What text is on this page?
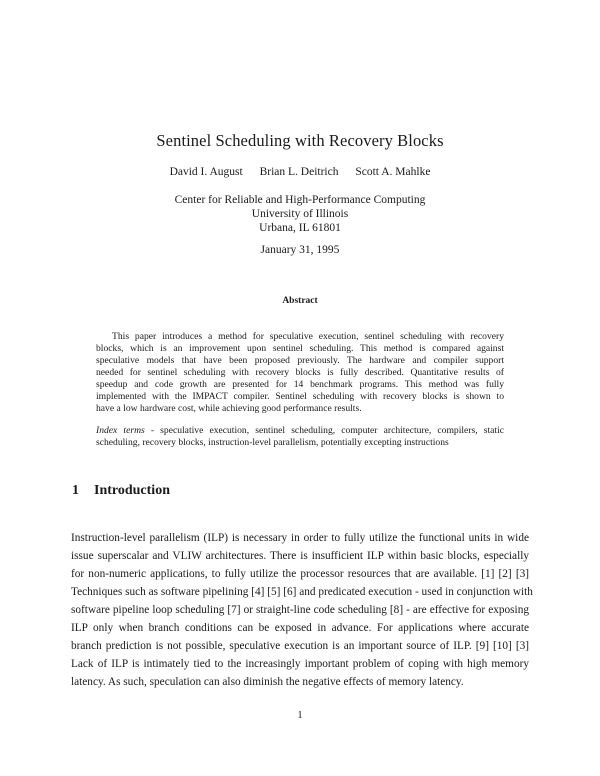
Sentinel Scheduling with Recovery Blocks
David I. August Brian L. Deitrich Scott A. Mahlke
Center for Reliable and High-Performance Computing
University of Illinois
Urbana, IL 61801
January 31, 1995
Abstract
This paper introduces a method for speculative execution, sentinel scheduling with recovery
blocks, which is an improvement upon sentinel scheduling. This method is compared against
speculative models that have been proposed previously. The hardware and compiler support
needed for sentinel scheduling with recovery blocks is fully described. Quantitative results of
speedup and code growth are presented for 14 benchmark programs. This method was fully
implemented with the IMPACT compiler. Sentinel scheduling with recovery blocks is shown to
have a low hardware cost, while achieving good performance results.
Index terms - speculative execution, sentinel scheduling, computer architecture, compilers, static
scheduling, recovery blocks, instruction-level parallelism, potentially excepting instructions
1 Introduction
Instruction-level parallelism (ILP) is necessary in order to fully utilize the functional units in wide
issue superscalar and VLIW architectures. There is insufficient ILP within basic blocks, especially
for non-numeric applications, to fully utilize the processor resources that are available. [1] [2] [3]
Techniques such as software pipelining [4] [5] [6] and predicated execution - used in conjunction with
software pipeline loop scheduling [7] or straight-line code scheduling [8] - are effective for exposing
ILP only when branch conditions can be exposed in advance. For applications where accurate
branch prediction is not possible, speculative execution is an important source of ILP. [9] [10] [3]
Lack of ILP is intimately tied to the increasingly important problem of coping with high memory
latency. As such, speculation can also diminish the negative effects of memory latency.
1
